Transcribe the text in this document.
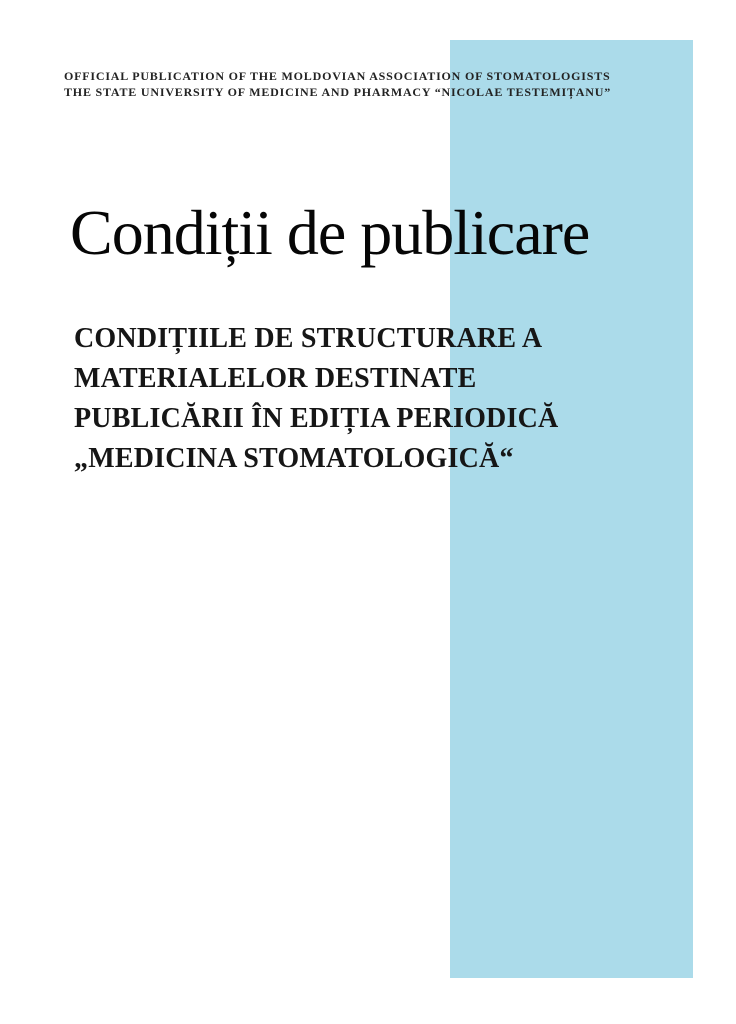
OFFICIAL PUBLICATION OF THE MOLDOVIAN ASSOCIATION OF STOMATOLOGISTS
THE STATE UNIVERSITY OF MEDICINE AND PHARMACY “NICOLAE TESTEMIȚANU”
Condiții de publicare
CONDIȚIILE DE STRUCTURARE A
MATERIALELOR DESTINATE
PUBLICĂRII ÎN EDIȚIA PERIODICĂ
„MEDICINA STOMATOLOGICĂ“
